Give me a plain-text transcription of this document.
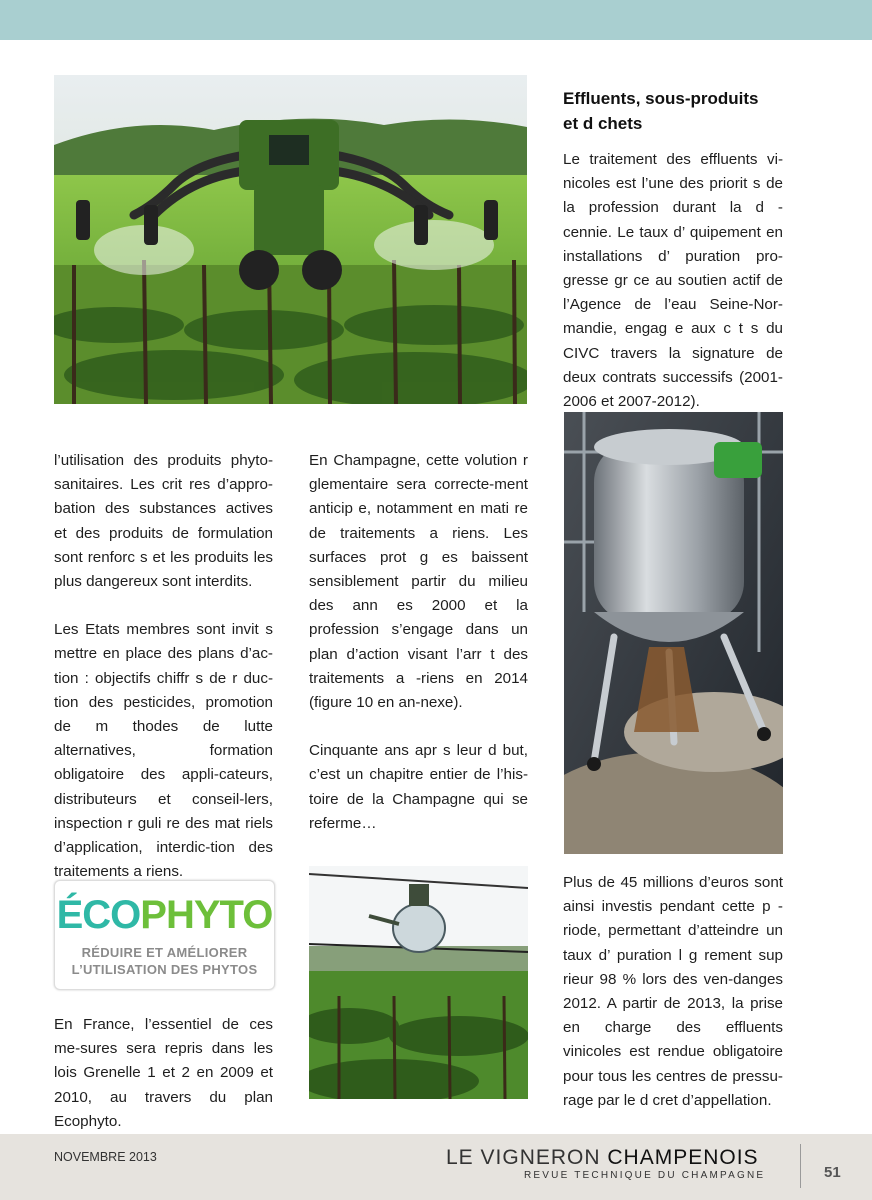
Effluents, sous-produits
et d chets

Le traitement des effluents vi-nicoles est l’une des priorit s de la profession durant la d -cennie. Le taux d’ quipement en installations d’ puration pro-gresse gr ce au soutien actif de l’Agence de l’eau Seine-Nor-mandie, engag e aux c t s du CIVC travers la signature de deux contrats successifs (2001-2006 et 2007-2012).

Plus de 45 millions d’euros sont ainsi investis pendant cette p -riode, permettant d’atteindre un taux d’ puration l g rement sup rieur 98 % lors des ven-danges 2012. A partir de 2013, la prise en charge des effluents vinicoles est rendue obligatoire pour tous les centres de pressu-rage par le d cret d’appellation.

l’utilisation des produits phyto-sanitaires. Les crit res d’appro-bation des substances actives et des produits de formulation sont renforc s et les produits les plus dangereux sont interdits.

Les Etats membres sont invit s mettre en place des plans d’ac-tion : objectifs chiffr s de r duc-tion des pesticides, promotion de m thodes de lutte alternatives, formation obligatoire des appli-cateurs, distributeurs et conseil-lers, inspection r guli re des mat riels d’application, interdic-tion des traitements a riens.

ÉCOPHYTO
RÉDUIRE ET AMÉLIORER
L’UTILISATION DES PHYTOS

En France, l’essentiel de ces me-sures sera repris dans les lois Grenelle 1 et 2 en 2009 et 2010, au travers du plan Ecophyto.

En Champagne, cette volution r glementaire sera correcte-ment anticip e, notamment en mati re de traitements a riens. Les surfaces prot g es baissent sensiblement partir du milieu des ann es 2000 et la profession s’engage dans un plan d’action visant l’arr t des traitements a -riens en 2014 (figure 10 en an-nexe).

Cinquante ans apr s leur d but, c’est un chapitre entier de l’his-toire de la Champagne qui se referme…

NOVEMBRE 2013	LE VIGNERON CHAMPENOIS
REVUE TECHNIQUE DU CHAMPAGNE	51
